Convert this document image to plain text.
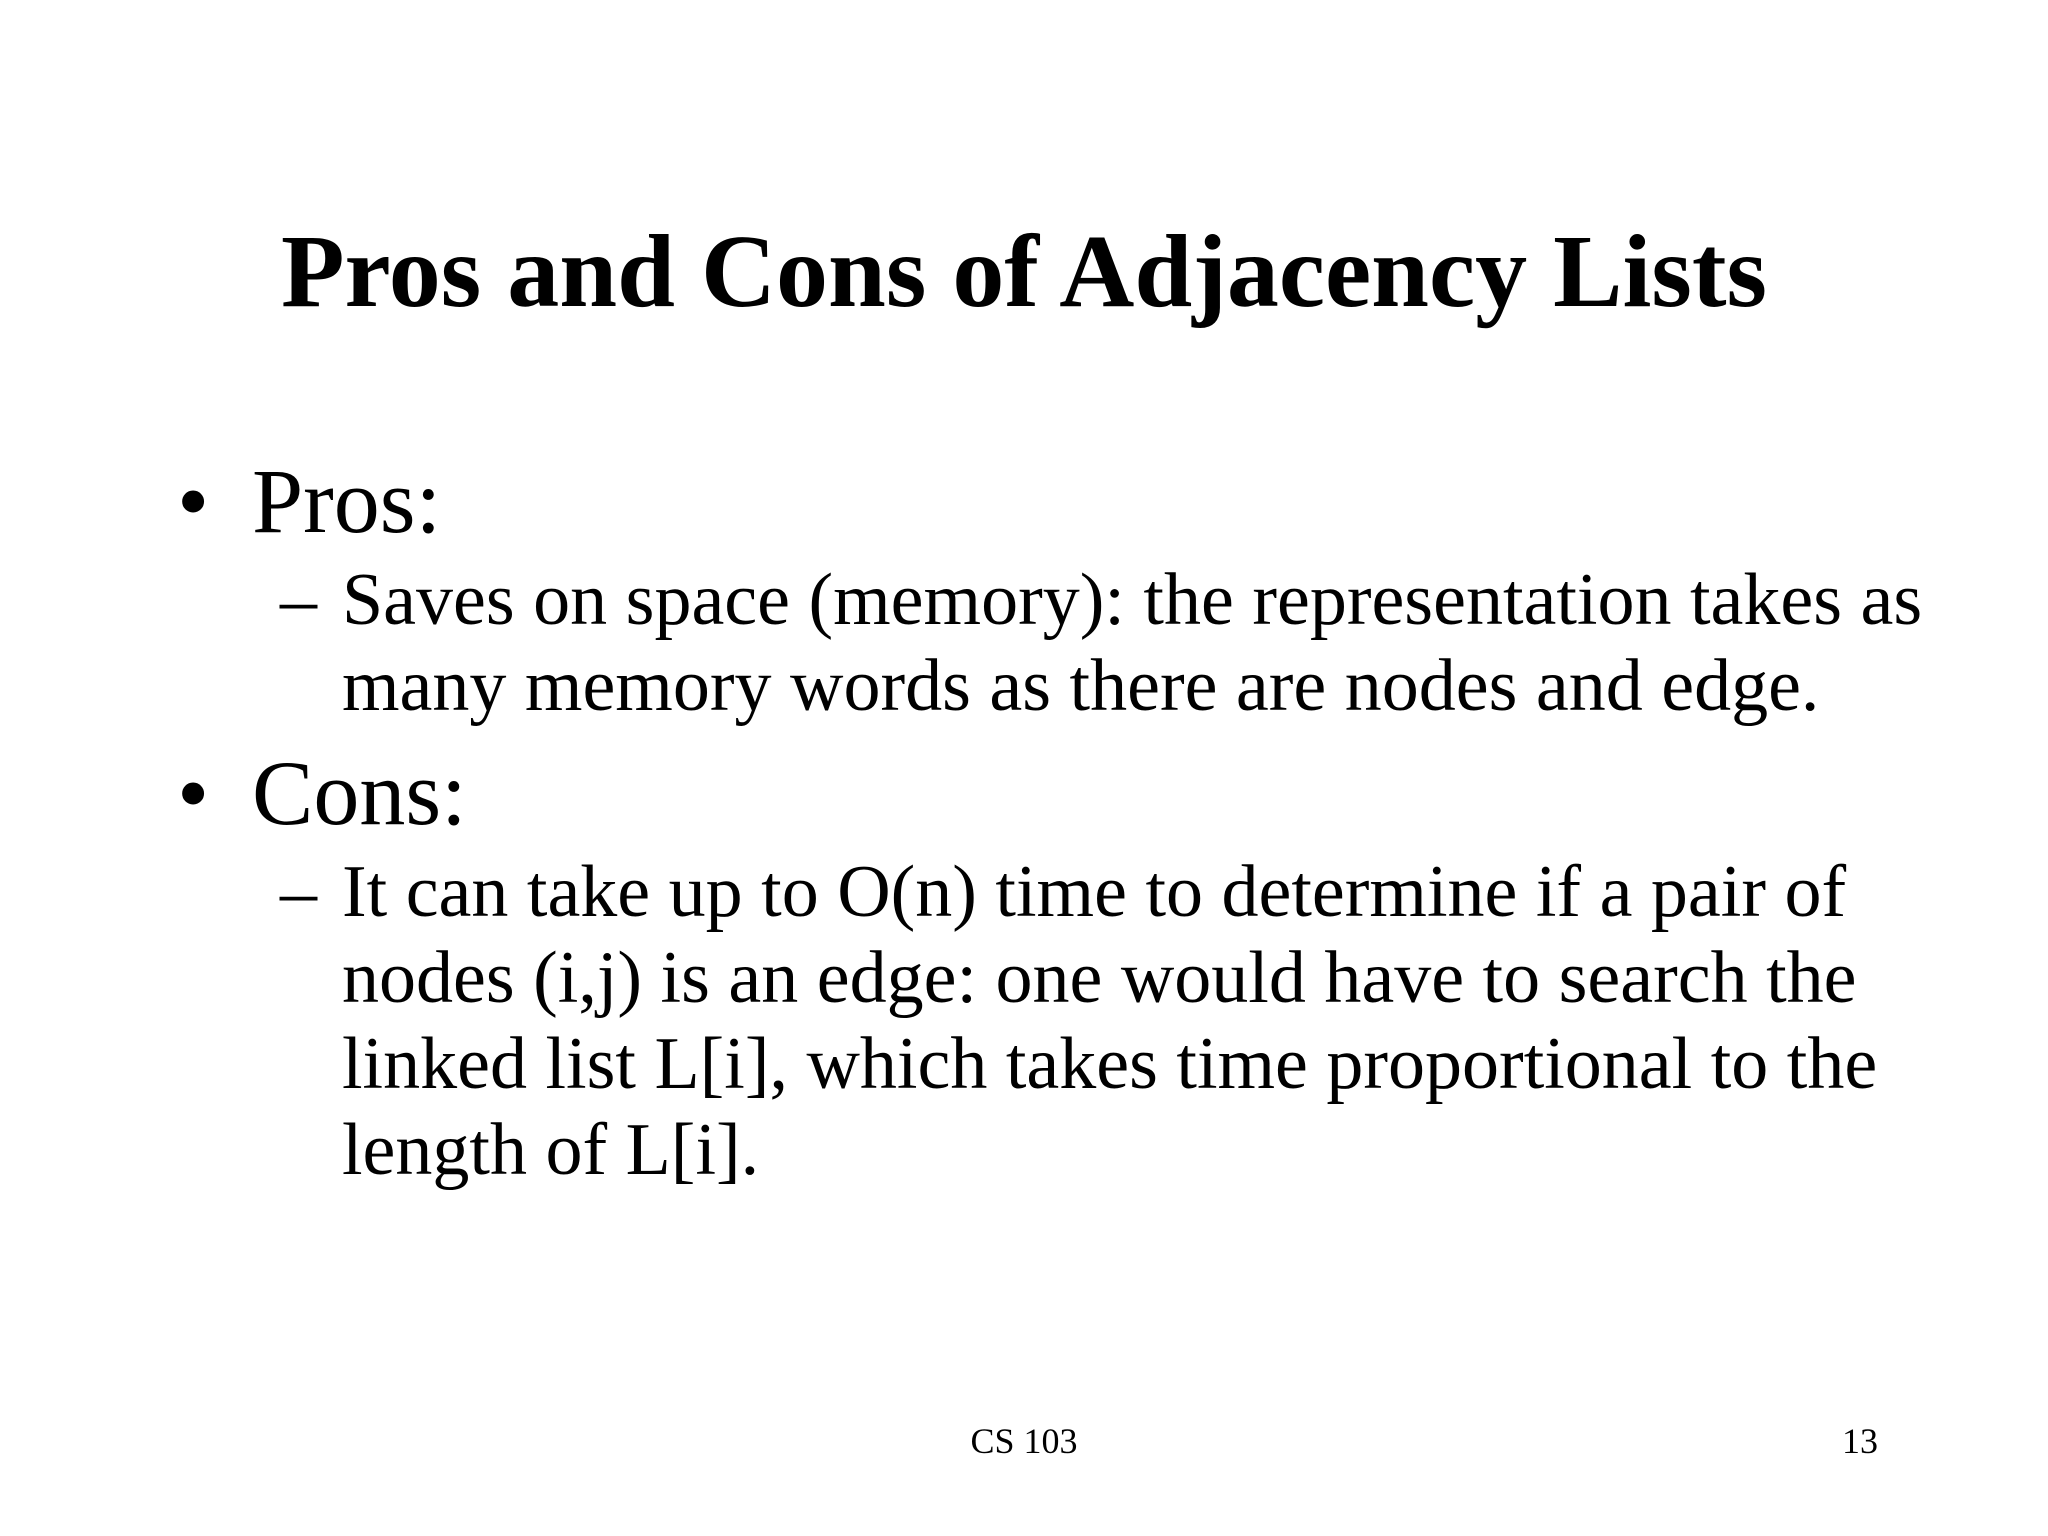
Pros and Cons of Adjacency Lists
• Pros:
– Saves on space (memory): the representation takes as many memory words as there are nodes and edge.
• Cons:
– It can take up to O(n) time to determine if a pair of nodes (i,j) is an edge: one would have to search the linked list L[i], which takes time proportional to the length of L[i].
CS 103	13
